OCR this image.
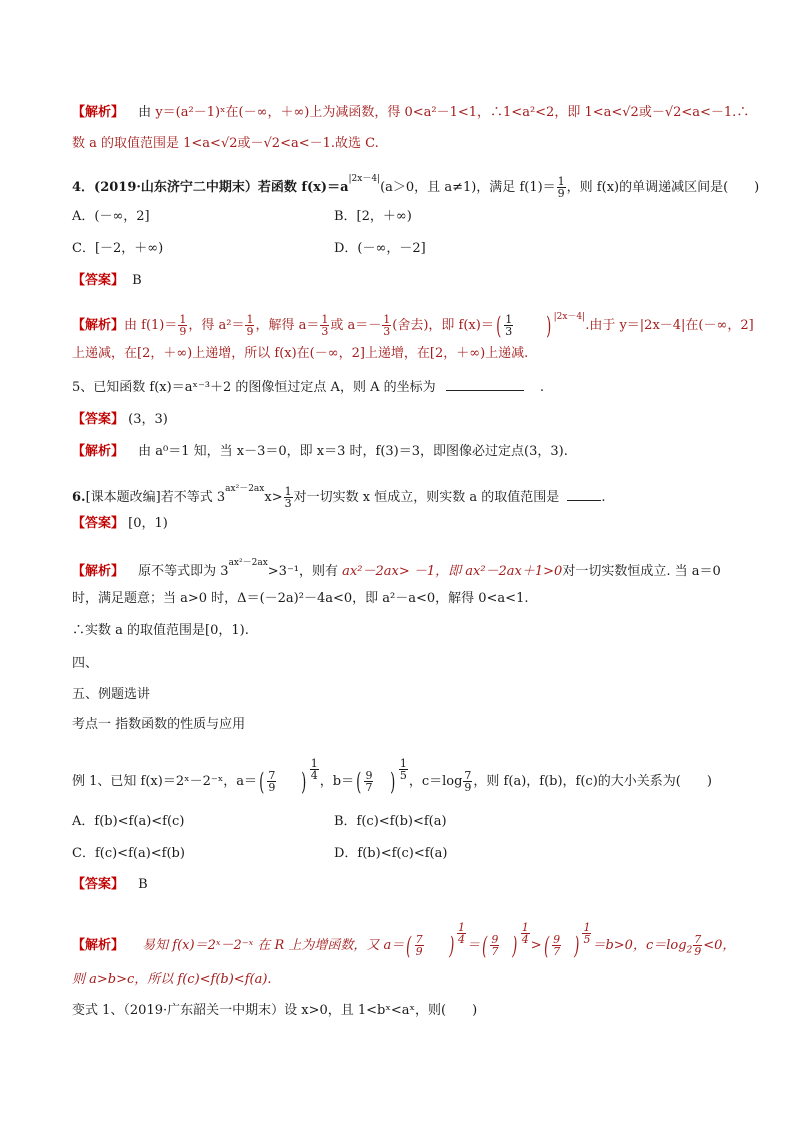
【解析】 由 y＝(a²－1)ˣ在(－∞，＋∞)上为减函数，得 0<a²－1<1，∴1<a²<2，即 1<a<√2或－√2<a<－1.∴
数 a 的取值范围是 1<a<√2或－√2<a<－1.故选 C.
4．(2019·山东济宁二中期末）若函数 $f(x)=a^{|2x-4|}(a>0$，且 a≠1)，满足 $f(1)= \frac{1}{9}$ ，则 f(x)的单调递减区间是(　　)
A．(－∞，2]	B．[2，＋∞)
C．[－2，＋∞)	D．(－∞，－2]
【答案】 B
【解析】由 $f(1)= \frac{1}{9}$ ，得 $a^2= \frac{1}{9}$ ，解得 $a= \frac{1}{3}$ 或 $a=- \frac{1}{3}$ (舍去)，即 $f(x)=( \frac{1}{3}$ ) $^{|2x-4|}$.由于 y＝|2x－4|在(－∞，2]
上递减，在[2，＋∞)上递增，所以 f(x)在(－∞，2]上递增，在[2，＋∞)上递减.
5、已知函数 f(x)＝aˣ⁻³＋2 的图像恒过定点 A，则 A 的坐标为	.
【答案】 (3，3)
【解析】 由 a⁰＝1 知，当 x－3＝0，即 x＝3 时，f(3)＝3，即图像必过定点(3，3).
6.[课本题改编]若不等式 $3^{ax^2-2ax}x> \frac{1}{3}$ 对一切实数 x 恒成立，则实数 a 的取值范围是	.
【答案】 [0，1)
【解析】 原不等式即为 $3^{ax^2-2ax}>3^{-1}$，则有 ax²－2ax> －1，即 ax²－2ax＋1>0对一切实数恒成立. 当 a＝0
时，满足题意；当 a>0 时，Δ＝(－2a)²－4a<0，即 a²－a<0，解得 0<a<1.
∴实数 a 的取值范围是[0，1).
四、
五、例题选讲
考点一 指数函数的性质与应用
例 1、已知 f(x)＝2ˣ－2⁻ˣ，$a=( \frac{7}{9}$ ) $\frac{1}{4}$
，$b=( \frac{9}{7}$ ) $\frac{1}{5}$
，$c=\log \frac{7}{9}$ ，则 f(a)，f(b)，f(c)的大小关系为(　　)
A．f(b)<f(a)<f(c)	B．f(c)<f(b)<f(a)
C．f(c)<f(a)<f(b)	D．f(b)<f(c)<f(a)
【答案】 B
【解析】 易知 f(x)＝2ˣ－2⁻ˣ 在 R 上为增函数，又 $a=( \frac{7}{9}$ ) $\frac{1}{4}$
＝( $\frac{9}{7}$ ) $\frac{1}{4}$
>( $\frac{9}{7}$ ) $\frac{1}{5}$
＝b>0，$c=\log_2 \frac{7}{9} <0$，
则 a>b>c，所以 f(c)<f(b)<f(a).
变式 1、（2019·广东韶关一中期末）设 x>0，且 1<bˣ<aˣ，则(　　)
